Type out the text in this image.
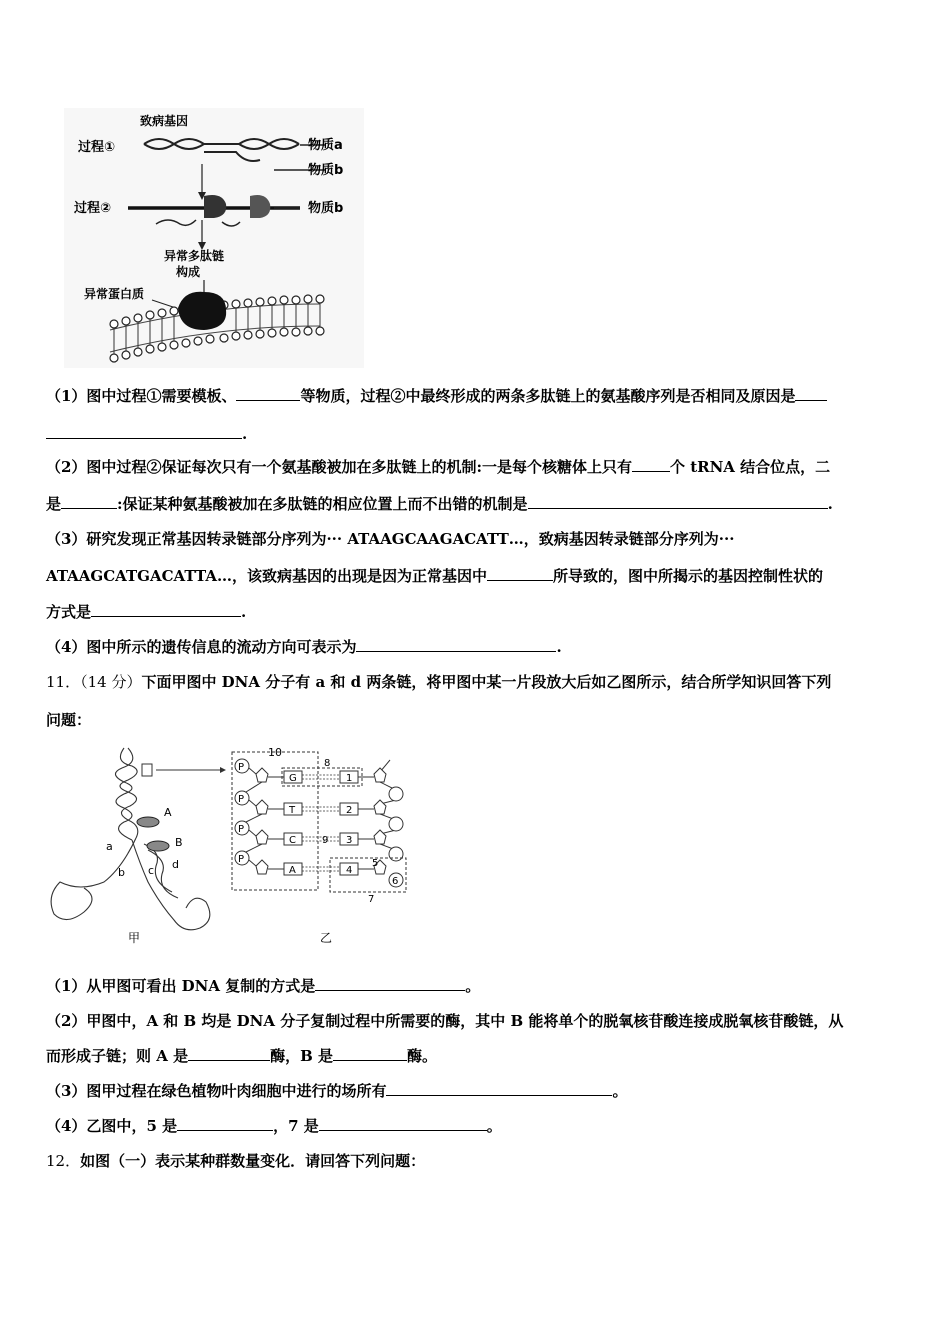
致病基因
过程①	物质a
物质b
过程②	物质b
异常多肽链
构成
异常蛋白质
（1）图中过程①需要模板、	等物质，过程②中最终形成的两条多肽链上的氨基酸序列是否相同及原因是
.
（2）图中过程②保证每次只有一个氨基酸被加在多肽链上的机制:一是每个核糖体上只有	个 tRNA 结合位点，二
是	:保证某种氨基酸被加在多肽链的相应位置上而不出错的机制是	.
（3）研究发现正常基因转录链部分序列为··· ATAAGCAAGACATT…，致病基因转录链部分序列为···
ATAAGCATGACATTA…，该致病基因的出现是因为正常基因中	所导致的，图中所揭示的基因控制性状的
方式是	.
（4）图中所示的遗传信息的流动方向可表示为	.
11．（14 分）下面甲图中 DNA 分子有 a 和 d 两条链，将甲图中某一片段放大后如乙图所示，结合所学知识回答下列
问题：
A
B
a
b c d
甲
10
P
P
P
P
G
T
C
A
8
9
1
2
3
4
5
6
7
乙
（1）从甲图可看出 DNA 复制的方式是	。
（2）甲图中，A 和 B 均是 DNA 分子复制过程中所需要的酶，其中 B 能将单个的脱氧核苷酸连接成脱氧核苷酸链，从
而形成子链；则 A 是	酶，B 是	酶。
（3）图甲过程在绿色植物叶肉细胞中进行的场所有	。
（4）乙图中，5 是	，7 是	。
12．如图（一）表示某种群数量变化．请回答下列问题：
